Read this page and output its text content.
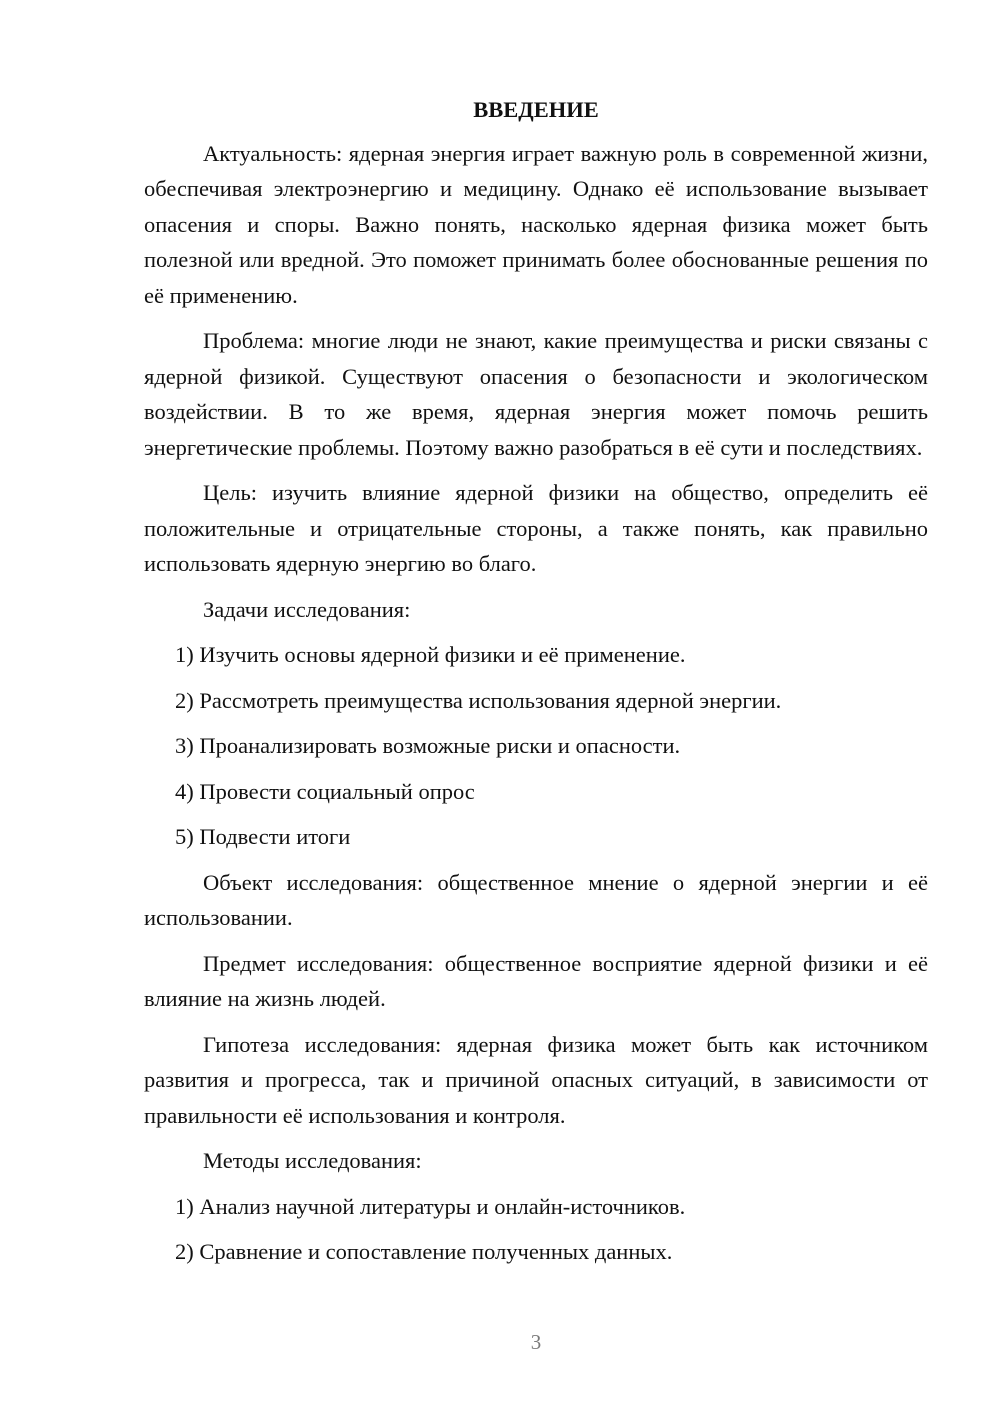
ВВЕДЕНИЕ

Актуальность: ядерная энергия играет важную роль в современной жизни, обеспечивая электроэнергию и медицину. Однако её использование вызывает опасения и споры. Важно понять, насколько ядерная физика может быть полезной или вредной. Это поможет принимать более обоснованные решения по её применению.

Проблема: многие люди не знают, какие преимущества и риски связаны с ядерной физикой. Существуют опасения о безопасности и экологическом воздействии. В то же время, ядерная энергия может помочь решить энергетические проблемы. Поэтому важно разобраться в её сути и последствиях.

Цель: изучить влияние ядерной физики на общество, определить её положительные и отрицательные стороны, а также понять, как правильно использовать ядерную энергию во благо.

Задачи исследования:

1) Изучить основы ядерной физики и её применение.

2) Рассмотреть преимущества использования ядерной энергии.

3) Проанализировать возможные риски и опасности.

4) Провести социальный опрос

5) Подвести итоги

Объект исследования: общественное мнение о ядерной энергии и её использовании.

Предмет исследования: общественное восприятие ядерной физики и её влияние на жизнь людей.

Гипотеза исследования: ядерная физика может быть как источником развития и прогресса, так и причиной опасных ситуаций, в зависимости от правильности её использования и контроля.

Методы исследования:

1) Анализ научной литературы и онлайн-источников.

2) Сравнение и сопоставление полученных данных.

3
